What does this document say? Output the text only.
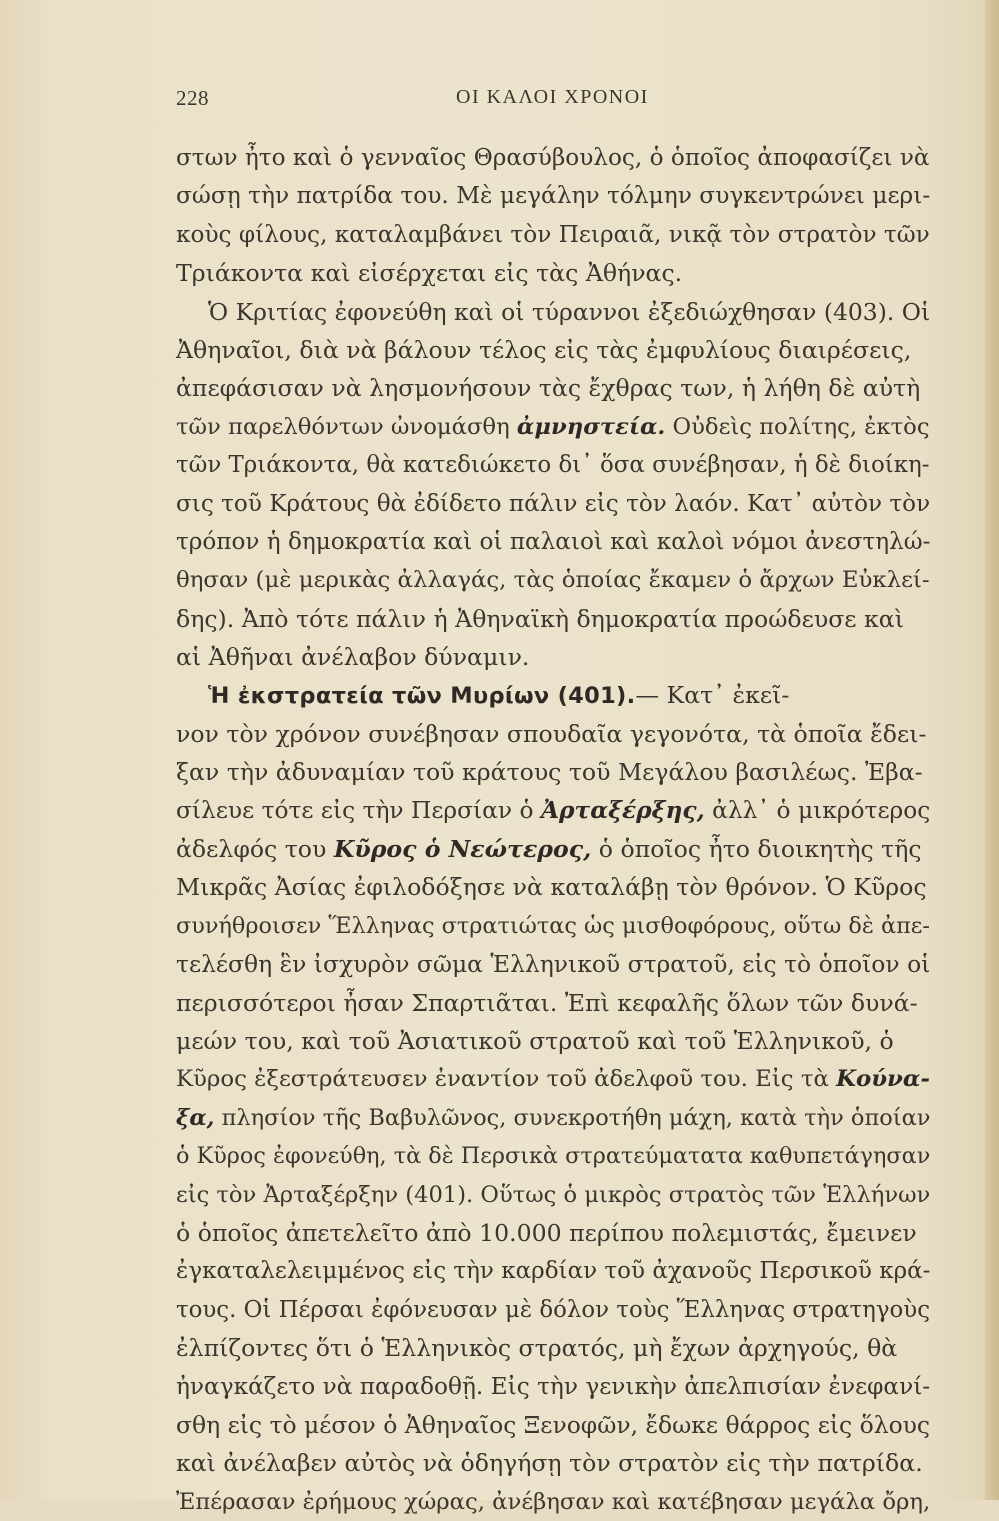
228	ΟΙ ΚΑΛΟΙ ΧΡΟΝΟΙ
στων ἦτο καὶ ὁ γενναῖος Θρασύβουλος, ὁ ὁποῖος ἀποφασίζει νὰ
σώσῃ τὴν πατρίδα του. Μὲ μεγάλην τόλμην συγκεντρώνει μερι-
κοὺς φίλους, καταλαμβάνει τὸν Πειραιᾶ, νικᾷ τὸν στρατὸν τῶν
Τριάκοντα καὶ εἰσέρχεται εἰς τὰς Ἀθήνας.
Ὁ Κριτίας ἐφονεύθη καὶ οἱ τύραννοι ἐξεδιώχθησαν (403). Οἱ
Ἀθηναῖοι, διὰ νὰ βάλουν τέλος εἰς τὰς ἐμφυλίους διαιρέσεις,
ἀπεφάσισαν νὰ λησμονήσουν τὰς ἔχθρας των, ἡ λήθη δὲ αὐτὴ
τῶν παρελθόντων ὠνομάσθη ἀμνηστεία. Οὐδεὶς πολίτης, ἐκτὸς
τῶν Τριάκοντα, θὰ κατεδιώκετο δι᾽ ὅσα συνέβησαν, ἡ δὲ διοίκη-
σις τοῦ Κράτους θὰ ἐδίδετο πάλιν εἰς τὸν λαόν. Κατ᾽ αὐτὸν τὸν
τρόπον ἡ δημοκρατία καὶ οἱ παλαιοὶ καὶ καλοὶ νόμοι ἀνεστηλώ-
θησαν (μὲ μερικὰς ἀλλαγάς, τὰς ὁποίας ἔκαμεν ὁ ἄρχων Εὐκλεί-
δης). Ἀπὸ τότε πάλιν ἡ Ἀθηναϊκὴ δημοκρατία προώδευσε καὶ
αἱ Ἀθῆναι ἀνέλαβον δύναμιν.
Ἡ ἐκστρατεία τῶν Μυρίων (401).— Κατ᾽ ἐκεῖ-
νον τὸν χρόνον συνέβησαν σπουδαῖα γεγονότα, τὰ ὁποῖα ἔδει-
ξαν τὴν ἀδυναμίαν τοῦ κράτους τοῦ Μεγάλου βασιλέως. Ἐβα-
σίλευε τότε εἰς τὴν Περσίαν ὁ Ἀρταξέρξης, ἀλλ᾽ ὁ μικρότερος
ἀδελφός του Κῦρος ὁ Νεώτερος, ὁ ὁποῖος ἦτο διοικητὴς τῆς
Μικρᾶς Ἀσίας ἐφιλοδόξησε νὰ καταλάβῃ τὸν θρόνον. Ὁ Κῦρος
συνήθροισεν Ἕλληνας στρατιώτας ὡς μισθοφόρους, οὕτω δὲ ἀπε-
τελέσθη ἓν ἰσχυρὸν σῶμα Ἑλληνικοῦ στρατοῦ, εἰς τὸ ὁποῖον οἱ
περισσότεροι ἦσαν Σπαρτιᾶται. Ἐπὶ κεφαλῆς ὅλων τῶν δυνά-
μεών του, καὶ τοῦ Ἀσιατικοῦ στρατοῦ καὶ τοῦ Ἑλληνικοῦ, ὁ
Κῦρος ἐξεστράτευσεν ἐναντίον τοῦ ἀδελφοῦ του. Εἰς τὰ Κούνα-
ξα, πλησίον τῆς Βαβυλῶνος, συνεκροτήθη μάχη, κατὰ τὴν ὁποίαν
ὁ Κῦρος ἐφονεύθη, τὰ δὲ Περσικὰ στρατεύματατα καθυπετάγησαν
εἰς τὸν Ἀρταξέρξην (401). Οὕτως ὁ μικρὸς στρατὸς τῶν Ἑλλήνων
ὁ ὁποῖος ἀπετελεῖτο ἀπὸ 10.000 περίπου πολεμιστάς, ἔμεινεν
ἐγκαταλελειμμένος εἰς τὴν καρδίαν τοῦ ἀχανοῦς Περσικοῦ κρά-
τους. Οἱ Πέρσαι ἐφόνευσαν μὲ δόλον τοὺς Ἕλληνας στρατηγοὺς
ἐλπίζοντες ὅτι ὁ Ἑλληνικὸς στρατός, μὴ ἔχων ἀρχηγούς, θὰ
ἠναγκάζετο νὰ παραδοθῇ. Εἰς τὴν γενικὴν ἀπελπισίαν ἐνεφανί-
σθη εἰς τὸ μέσον ὁ Ἀθηναῖος Ξενοφῶν, ἔδωκε θάρρος εἰς ὅλους
καὶ ἀνέλαβεν αὐτὸς νὰ ὁδηγήσῃ τὸν στρατὸν εἰς τὴν πατρίδα.
Ἐπέρασαν ἐρήμους χώρας, ἀνέβησαν καὶ κατέβησαν μεγάλα ὄρη,
